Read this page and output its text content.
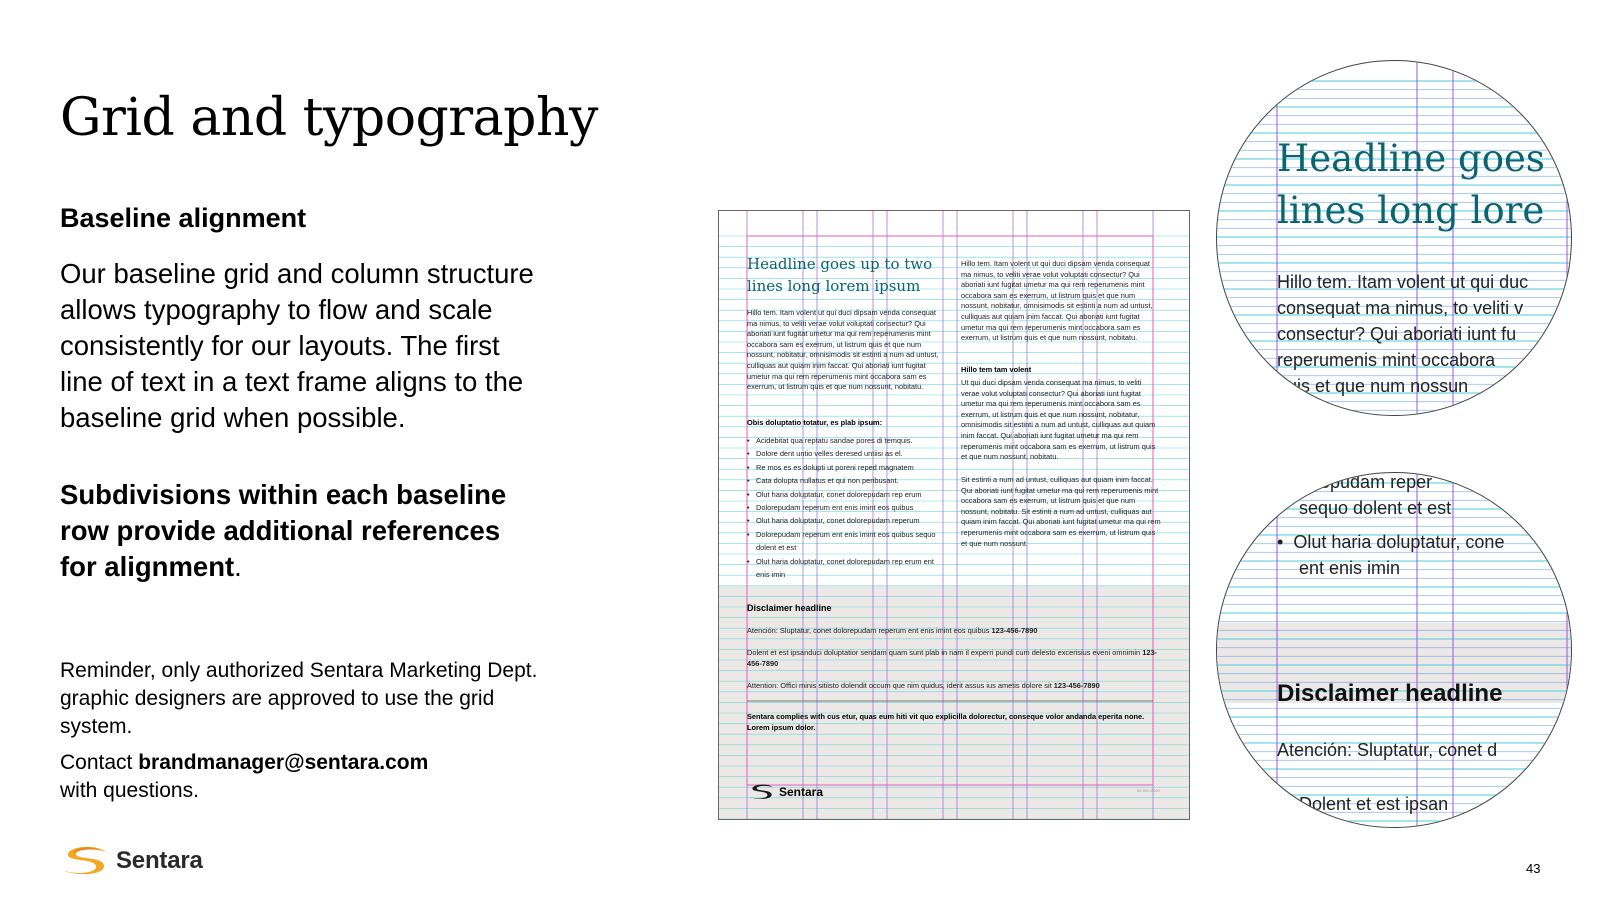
Grid and typography
Baseline alignment

Our baseline grid and column structure allows typography to flow and scale consistently for our layouts. The first line of text in a text frame aligns to the baseline grid when possible.

Subdivisions within each baseline row provide additional references for alignment.

Reminder, only authorized Sentara Marketing Dept. graphic designers are approved to use the grid system.

Contact brandmanager@sentara.com
with questions.

Sentara	43
Headline goes up to two lines long lorem ipsum
Hillo tem. Itam volent ut qui duci dipsam venda consequat ma nimus, to veliti verae volut voluptati consectur? Qui aboriati iunt fugitat umetur ma qui rem reperumenis mint occabora sam es exerrum, ut listrum quis et que num nossunt, nobitatur, omnisimodis sit estinti a num ad untust, culliquas aut quiam inim faccat. Qui aboriati iunt fugitat umetur ma qui rem reperumenis mint occabora sam es exerrum, ut listrum quis et que num nossunt, nobitatu.
Obis doluptatio totatur, es plab ipsum:
• Acidebitat qua reptatu sandae pores di temquis.
• Dolore dent untio velles deresed untiisi as el.
• Re mos es es dolupti ut poreni reped magnatem
• Cata dolupta nullatus et qui non peribusant.
• Olut haria doluptatur, conet dolorepudam rep erum
• Dolorepudam reperum ent enis imint eos quibus
• Olut haria doluptatur, conet dolorepudam reperum
• Dolorepudam reperum ent enis imint eos quibus sequo dolent et est
• Olut haria doluptatur, conet dolorepudam rep erum ent enis imin
Hillo tem. Itam volent ut qui duci dipsam venda consequat ma nimus, to veliti verae volut voluptati consectur? Qui aboriati iunt fugitat umetur ma qui rem reperumenis mint occabora sam es exerrum, ut listrum quis et que num nossunt, nobitatur, omnisimodis sit estinti a num ad untust, culliquas aut quiam inim faccat. Qui aboriati iunt fugitat umetur ma qui rem reperumenis mint occabora sam es exerrum, ut listrum quis et que num nossunt, nobitatu.
Hillo tem tam volent
Ut qui duci dipsam venda consequat ma nimus, to veliti verae volut voluptati consectur? Qui aboriati iunt fugitat umetur ma qui rem reperumenis mint occabora sam es exerrum, ut listrum quis et que num nossunt, nobitatur, omnisimodis sit estinti a num ad untust, culliquas aut quiam inim faccat. Qui aboriati iunt fugitat umetur ma qui rem reperumenis mint occabora sam es exerrum, ut listrum quis et que num nossunt, nobitatu.
Sit estinti a num ad untust, culliquas aut quiam inim faccat. Qui aboriati iunt fugitat umetur ma qui rem reperumenis mint occabora sam es exerrum, ut listrum quis et que num nossunt, nobitatu. Sit estinti a num ad untust, culliquas aut quiam inim faccat. Qui aboriati iunt fugitat umetur ma qui rem reperumenis mint occabora sam es exerrum, ut listrum quis et que num nossunt.
Disclaimer headline
Atención: Sluptatur, conet dolorepudam reperum ent enis imint eos quibus 123-456-7890
Dolent et est ipsanduci doluptatior sendam quam sunt plab in nam il experri pundi cum delesto excerisius eveni omnimin 123-456-7890
Attention: Offici minis sitiisto dolendit occum que nim quidus, iderit assus ius ametis dolore sit 123-456-7890
Sentara complies with cus etur, quas eum hiti vit quo explicilla dolorectur, conseque volor andanda eperita none. Lorem ipsum dolor.
Sentara	00-000-0000
Headline goes
lines long lore
Hillo tem. Itam volent ut qui duc
consequat ma nimus, to veliti v
consectur? Qui aboriati iunt fu
reperumenis mint occabora
quis et que num nossun
Dolorepudam reper
sequo dolent et est
•  Olut haria doluptatur, cone
ent enis imin
Disclaimer headline
Atención: Sluptatur, conet d
Dolent et est ipsan
